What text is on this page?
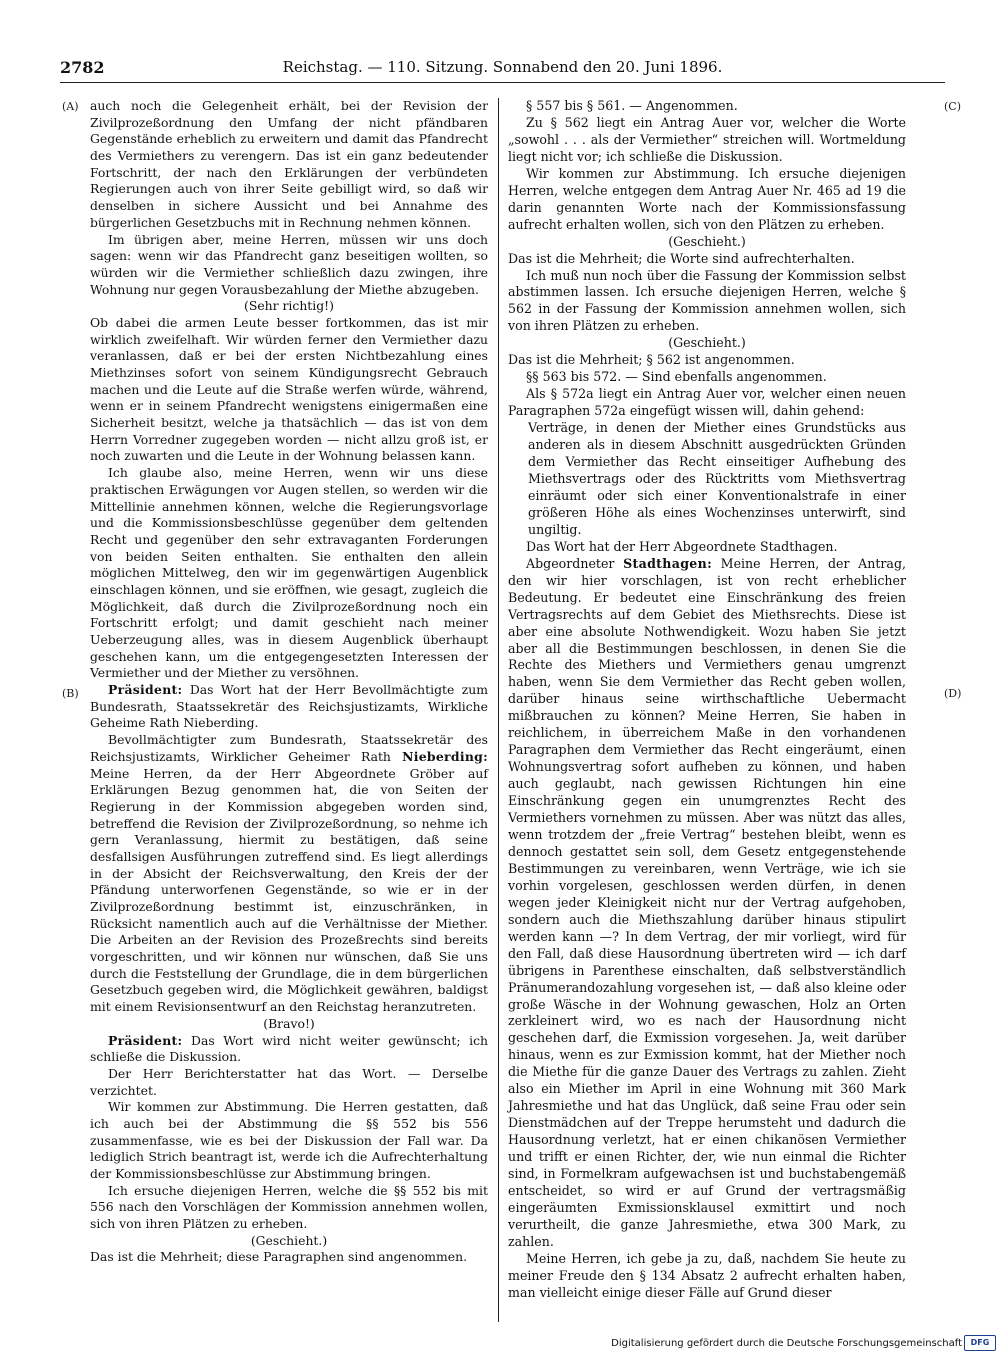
2782	Reichstag. — 110. Sitzung. Sonnabend den 20. Juni 1896.
(A)
(B)
(C)
(D)

auch noch die Gelegenheit erhält, bei der Revision der Zivilprozeßordnung den Umfang der nicht pfändbaren Gegenstände erheblich zu erweitern und damit das Pfandrecht des Vermiethers zu verengern. Das ist ein ganz bedeutender Fortschritt, der nach den Erklärungen der verbündeten Regierungen auch von ihrer Seite gebilligt wird, so daß wir denselben in sichere Aussicht und bei Annahme des bürgerlichen Gesetzbuchs mit in Rechnung nehmen können.

Im übrigen aber, meine Herren, müssen wir uns doch sagen: wenn wir das Pfandrecht ganz beseitigen wollten, so würden wir die Vermiether schließlich dazu zwingen, ihre Wohnung nur gegen Vorausbezahlung der Miethe abzugeben.

(Sehr richtig!)

Ob dabei die armen Leute besser fortkommen, das ist mir wirklich zweifelhaft. Wir würden ferner den Vermiether dazu veranlassen, daß er bei der ersten Nichtbezahlung eines Miethzinses sofort von seinem Kündigungsrecht Gebrauch machen und die Leute auf die Straße werfen würde, während, wenn er in seinem Pfandrecht wenigstens einigermaßen eine Sicherheit besitzt, welche ja thatsächlich — das ist von dem Herrn Vorredner zugegeben worden — nicht allzu groß ist, er noch zuwarten und die Leute in der Wohnung belassen kann.

Ich glaube also, meine Herren, wenn wir uns diese praktischen Erwägungen vor Augen stellen, so werden wir die Mittellinie annehmen können, welche die Regierungsvorlage und die Kommissionsbeschlüsse gegenüber dem geltenden Recht und gegenüber den sehr extravaganten Forderungen von beiden Seiten enthalten. Sie enthalten den allein möglichen Mittelweg, den wir im gegenwärtigen Augenblick einschlagen können, und sie eröffnen, wie gesagt, zugleich die Möglichkeit, daß durch die Zivilprozeßordnung noch ein Fortschritt erfolgt; und damit geschieht nach meiner Ueberzeugung alles, was in diesem Augenblick überhaupt geschehen kann, um die entgegengesetzten Interessen der Vermiether und der Miether zu versöhnen.

Präsident: Das Wort hat der Herr Bevollmächtigte zum Bundesrath, Staatssekretär des Reichsjustizamts, Wirkliche Geheime Rath Nieberding.

Bevollmächtigter zum Bundesrath, Staatssekretär des Reichsjustizamts, Wirklicher Geheimer Rath Nieberding: Meine Herren, da der Herr Abgeordnete Gröber auf Erklärungen Bezug genommen hat, die von Seiten der Regierung in der Kommission abgegeben worden sind, betreffend die Revision der Zivilprozeßordnung, so nehme ich gern Veranlassung, hiermit zu bestätigen, daß seine desfallsigen Ausführungen zutreffend sind. Es liegt allerdings in der Absicht der Reichsverwaltung, den Kreis der der Pfändung unterworfenen Gegenstände, so wie er in der Zivilprozeßordnung bestimmt ist, einzuschränken, in Rücksicht namentlich auch auf die Verhältnisse der Miether. Die Arbeiten an der Revision des Prozeßrechts sind bereits vorgeschritten, und wir können nur wünschen, daß Sie uns durch die Feststellung der Grundlage, die in dem bürgerlichen Gesetzbuch gegeben wird, die Möglichkeit gewähren, baldigst mit einem Revisionsentwurf an den Reichstag heranzutreten.

(Bravo!)

Präsident: Das Wort wird nicht weiter gewünscht; ich schließe die Diskussion.

Der Herr Berichterstatter hat das Wort. — Derselbe verzichtet.

Wir kommen zur Abstimmung. Die Herren gestatten, daß ich auch bei der Abstimmung die §§ 552 bis 556 zusammenfasse, wie es bei der Diskussion der Fall war. Da lediglich Strich beantragt ist, werde ich die Aufrechterhaltung der Kommissionsbeschlüsse zur Abstimmung bringen.

Ich ersuche diejenigen Herren, welche die §§ 552 bis mit 556 nach den Vorschlägen der Kommission annehmen wollen, sich von ihren Plätzen zu erheben.

(Geschieht.)

Das ist die Mehrheit; diese Paragraphen sind angenommen.

§ 557 bis § 561. — Angenommen.

Zu § 562 liegt ein Antrag Auer vor, welcher die Worte „sowohl . . . als der Vermiether“ streichen will. Wortmeldung liegt nicht vor; ich schließe die Diskussion.

Wir kommen zur Abstimmung. Ich ersuche diejenigen Herren, welche entgegen dem Antrag Auer Nr. 465 ad 19 die darin genannten Worte nach der Kommissionsfassung aufrecht erhalten wollen, sich von den Plätzen zu erheben.

(Geschieht.)

Das ist die Mehrheit; die Worte sind aufrechterhalten.

Ich muß nun noch über die Fassung der Kommission selbst abstimmen lassen. Ich ersuche diejenigen Herren, welche § 562 in der Fassung der Kommission annehmen wollen, sich von ihren Plätzen zu erheben.

(Geschieht.)

Das ist die Mehrheit; § 562 ist angenommen.

§§ 563 bis 572. — Sind ebenfalls angenommen.

Als § 572a liegt ein Antrag Auer vor, welcher einen neuen Paragraphen 572a eingefügt wissen will, dahin gehend:

Verträge, in denen der Miether eines Grundstücks aus anderen als in diesem Abschnitt ausgedrückten Gründen dem Vermiether das Recht einseitiger Aufhebung des Miethsvertrags oder des Rücktritts vom Miethsvertrag einräumt oder sich einer Konventionalstrafe in einer größeren Höhe als eines Wochenzinses unterwirft, sind ungiltig.

Das Wort hat der Herr Abgeordnete Stadthagen.

Abgeordneter Stadthagen: Meine Herren, der Antrag, den wir hier vorschlagen, ist von recht erheblicher Bedeutung. Er bedeutet eine Einschränkung des freien Vertragsrechts auf dem Gebiet des Miethsrechts. Diese ist aber eine absolute Nothwendigkeit. Wozu haben Sie jetzt aber all die Bestimmungen beschlossen, in denen Sie die Rechte des Miethers und Vermiethers genau umgrenzt haben, wenn Sie dem Vermiether das Recht geben wollen, darüber hinaus seine wirthschaftliche Uebermacht mißbrauchen zu können? Meine Herren, Sie haben in reichlichem, in überreichem Maße in den vorhandenen Paragraphen dem Vermiether das Recht eingeräumt, einen Wohnungsvertrag sofort aufheben zu können, und haben auch geglaubt, nach gewissen Richtungen hin eine Einschränkung gegen ein unumgrenztes Recht des Vermiethers vornehmen zu müssen. Aber was nützt das alles, wenn trotzdem der „freie Vertrag“ bestehen bleibt, wenn es dennoch gestattet sein soll, dem Gesetz entgegenstehende Bestimmungen zu vereinbaren, wenn Verträge, wie ich sie vorhin vorgelesen, geschlossen werden dürfen, in denen wegen jeder Kleinigkeit nicht nur der Vertrag aufgehoben, sondern auch die Miethszahlung darüber hinaus stipulirt werden kann —? In dem Vertrag, der mir vorliegt, wird für den Fall, daß diese Hausordnung übertreten wird — ich darf übrigens in Parenthese einschalten, daß selbstverständlich Pränumerandozahlung vorgesehen ist, — daß also kleine oder große Wäsche in der Wohnung gewaschen, Holz an Orten zerkleinert wird, wo es nach der Hausordnung nicht geschehen darf, die Exmission vorgesehen. Ja, weit darüber hinaus, wenn es zur Exmission kommt, hat der Miether noch die Miethe für die ganze Dauer des Vertrags zu zahlen. Zieht also ein Miether im April in eine Wohnung mit 360 Mark Jahresmiethe und hat das Unglück, daß seine Frau oder sein Dienstmädchen auf der Treppe herumsteht und dadurch die Hausordnung verletzt, hat er einen chikanösen Vermiether und trifft er einen Richter, der, wie nun einmal die Richter sind, in Formelkram aufgewachsen ist und buchstabengemäß entscheidet, so wird er auf Grund der vertragsmäßig eingeräumten Exmissionsklausel exmittirt und noch verurtheilt, die ganze Jahresmiethe, etwa 300 Mark, zu zahlen.

Meine Herren, ich gebe ja zu, daß, nachdem Sie heute zu meiner Freude den § 134 Absatz 2 aufrecht erhalten haben, man vielleicht einige dieser Fälle auf Grund dieser

Digitalisierung gefördert durch die Deutsche Forschungsgemeinschaft	DFG
